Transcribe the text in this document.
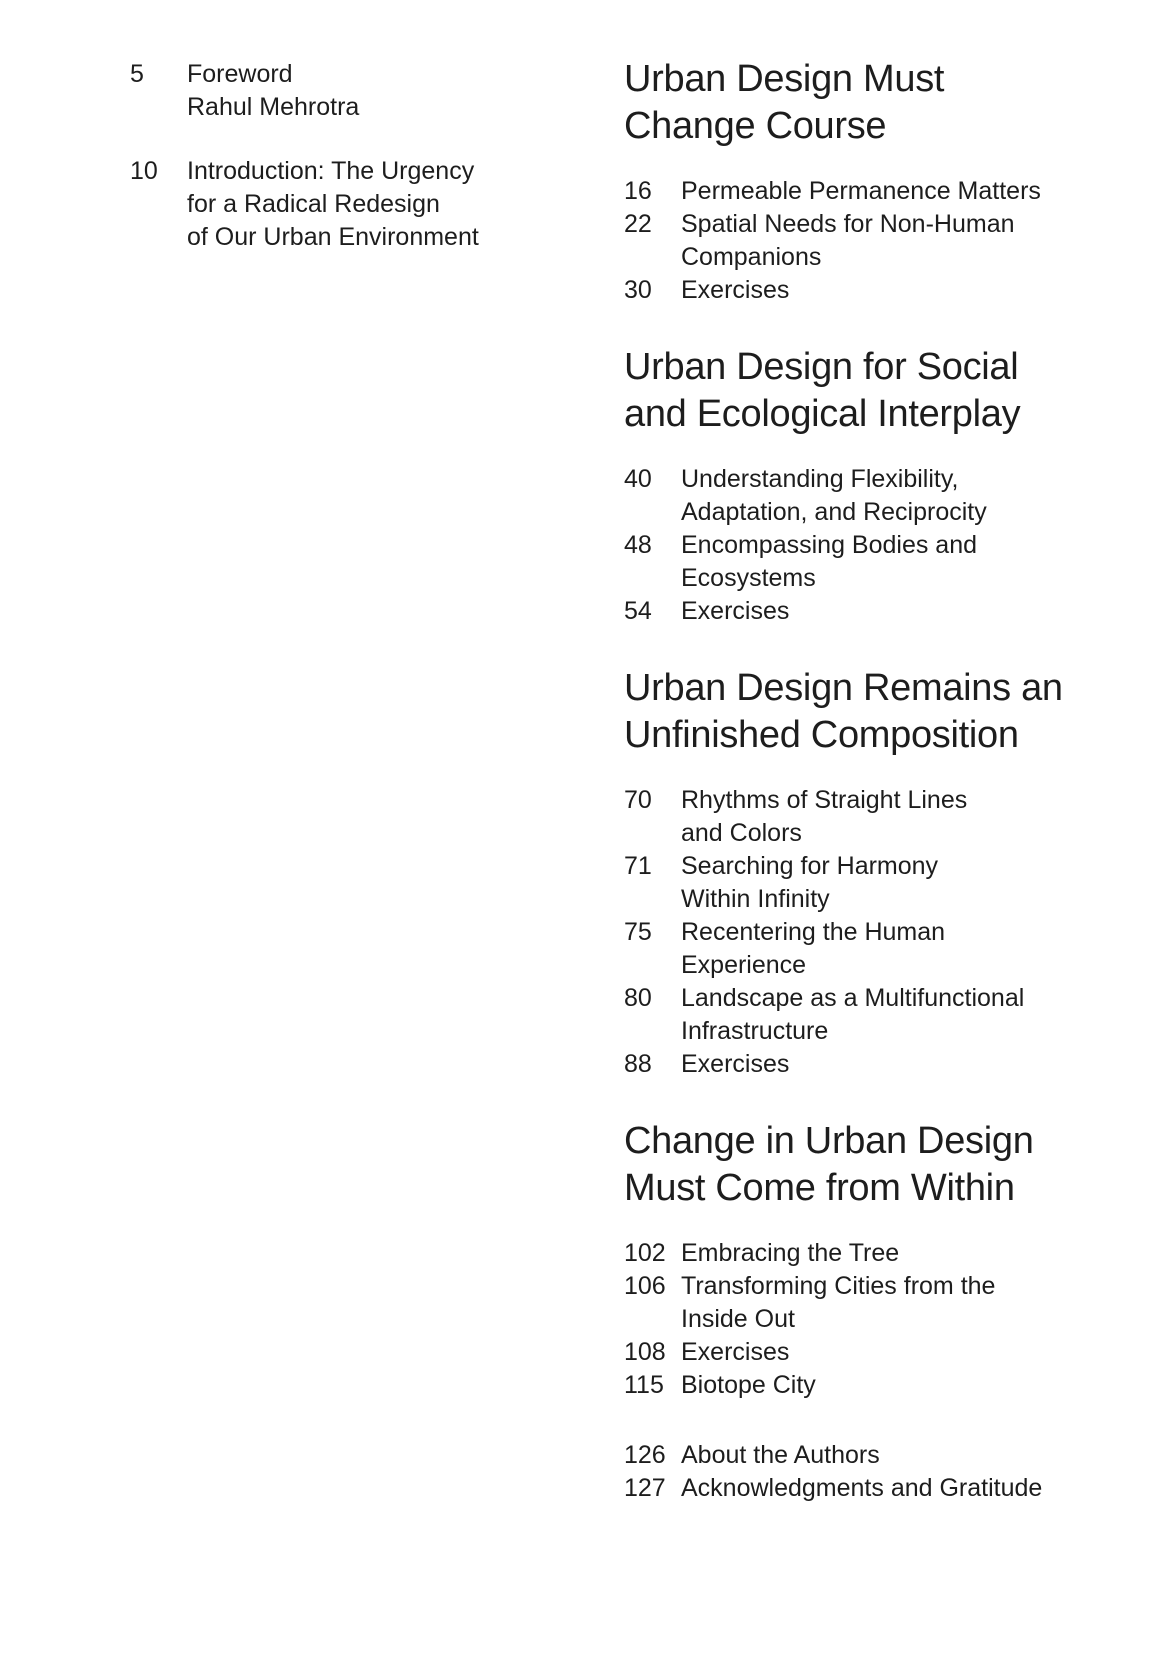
5	Foreword
Rahul Mehrotra
10	Introduction: The Urgency
for a Radical Redesign
of Our Urban Environment
Urban Design Must
Change Course
16	Permeable Permanence Matters
22	Spatial Needs for Non-Human
Companions
30	Exercises
Urban Design for Social
and Ecological Interplay
40	Understanding Flexibility,
Adaptation, and Reciprocity
48	Encompassing Bodies and
Ecosystems
54	Exercises
Urban Design Remains an
Unfinished Composition
70	Rhythms of Straight Lines
and Colors
71	Searching for Harmony
Within Infinity
75	Recentering the Human
Experience
80	Landscape as a Multifunctional
Infrastructure
88	Exercises
Change in Urban Design
Must Come from Within
102 Embracing the Tree
106 Transforming Cities from the
Inside Out
108 Exercises
115 Biotope City
126 About the Authors
127 Acknowledgments and Gratitude
